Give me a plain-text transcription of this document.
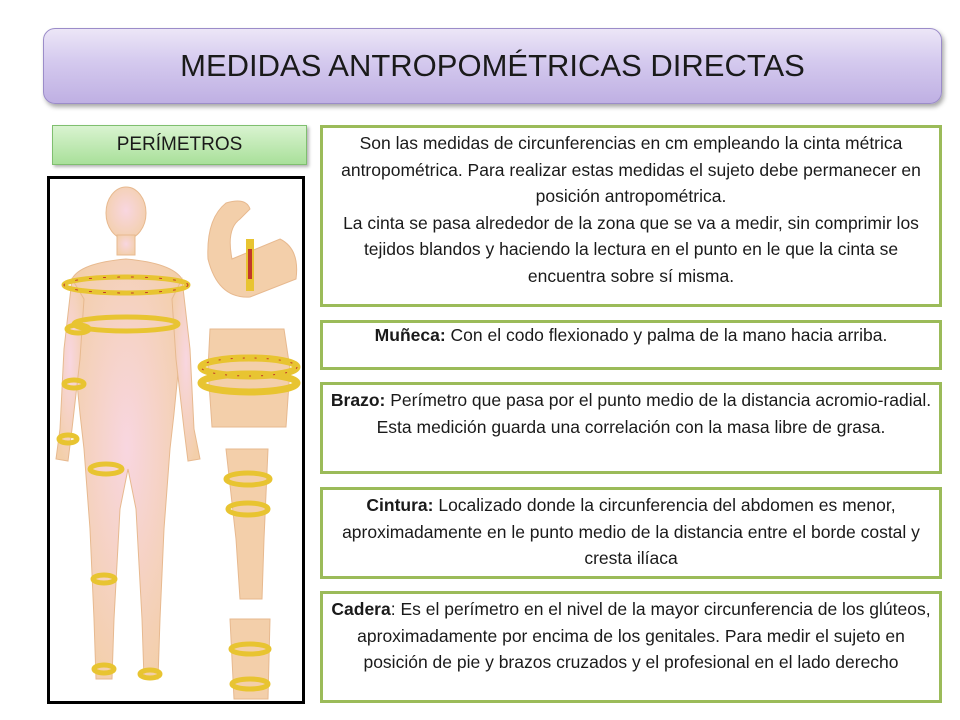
MEDIDAS ANTROPOMÉTRICAS DIRECTAS
PERÍMETROS	Son las medidas de circunferencias en cm empleando la cinta métrica antropométrica. Para realizar estas medidas el sujeto debe permanecer en posición antropométrica.
La cinta se pasa alrededor de la zona que se va a medir, sin comprimir los tejidos blandos y haciendo la lectura en el punto en le que la cinta se encuentra sobre sí misma.
Muñeca: Con el codo flexionado y palma de la mano hacia arriba.
Brazo: Perímetro que pasa por el punto medio de la distancia acromio-radial. Esta medición guarda una correlación con la masa libre de grasa.
Cintura: Localizado donde la circunferencia del abdomen es menor, aproximadamente en le punto medio de la distancia entre el borde costal y cresta ilíaca
Cadera: Es el perímetro en el nivel de la mayor circunferencia de los glúteos, aproximadamente por encima de los genitales. Para medir el sujeto en posición de pie y brazos cruzados y el profesional en el lado derecho
